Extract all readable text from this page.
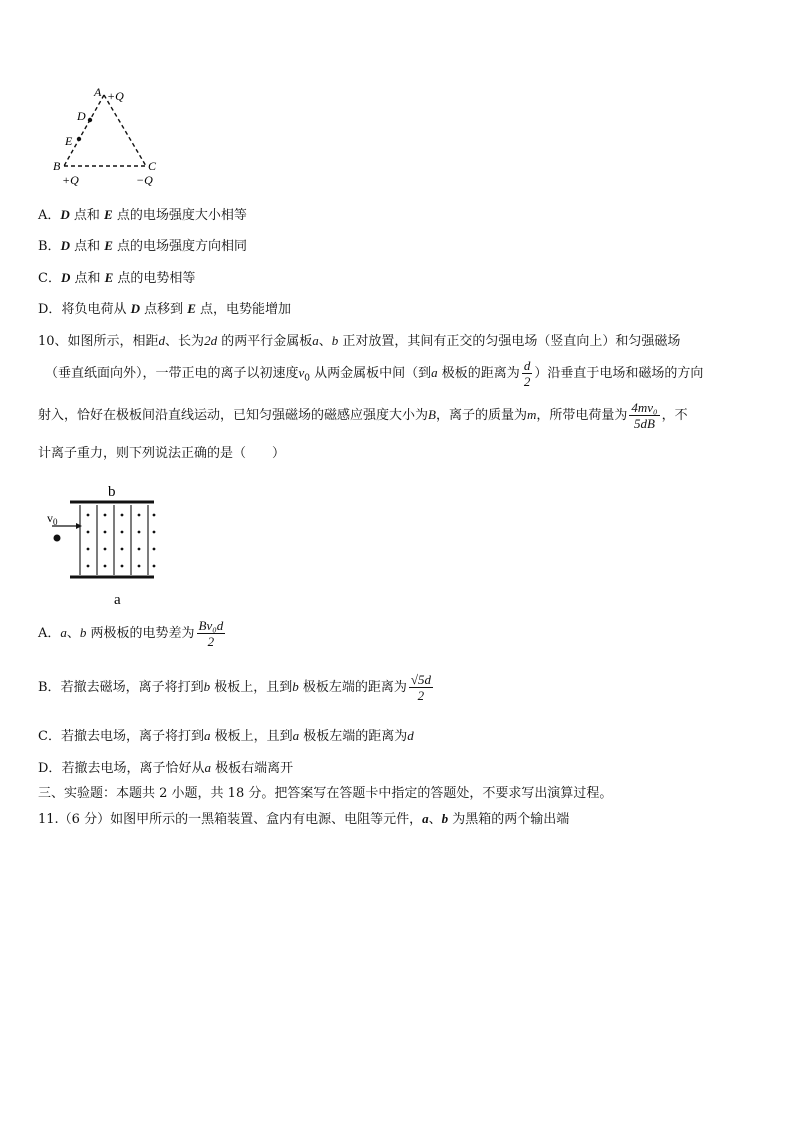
A +Q
D
E
B	C
+Q	−Q
A．D 点和 E 点的电场强度大小相等
B．D 点和 E 点的电场强度方向相同
C．D 点和 E 点的电势相等
D．将负电荷从 D 点移到 E 点，电势能增加
10、如图所示，相距d、长为2d 的两平行金属板a、b 正对放置，其间有正交的匀强电场（竖直向上）和匀强磁场
（垂直纸面向外），一带正电的离子以初速度$v_0$ 从两金属板中间（到a 极板的距离为 $\frac{d}{2}$ ）沿垂直于电场和磁场的方向
射入，恰好在极板间沿直线运动，已知匀强磁场的磁感应强度大小为B，离子的质量为m，所带电荷量为 $\frac{\text{4mv₀}}{5dB}$ ，不
计离子重力，则下列说法正确的是（　　）
b
a
$v_0$
A．a、b 两极板的电势差为 $\frac{\text{Bv₀d}}{2}$
B．若撤去磁场，离子将打到b 极板上，且到b 极板左端的距离为 $\frac{√5d}{2}$
C．若撤去电场，离子将打到a 极板上，且到a 极板左端的距离为d
D．若撤去电场，离子恰好从a 极板右端离开
三、实验题：本题共 2 小题，共 18 分。把答案写在答题卡中指定的答题处，不要求写出演算过程。
11.（6 分）如图甲所示的一黑箱装置、盒内有电源、电阻等元件，a、b 为黑箱的两个输出端
